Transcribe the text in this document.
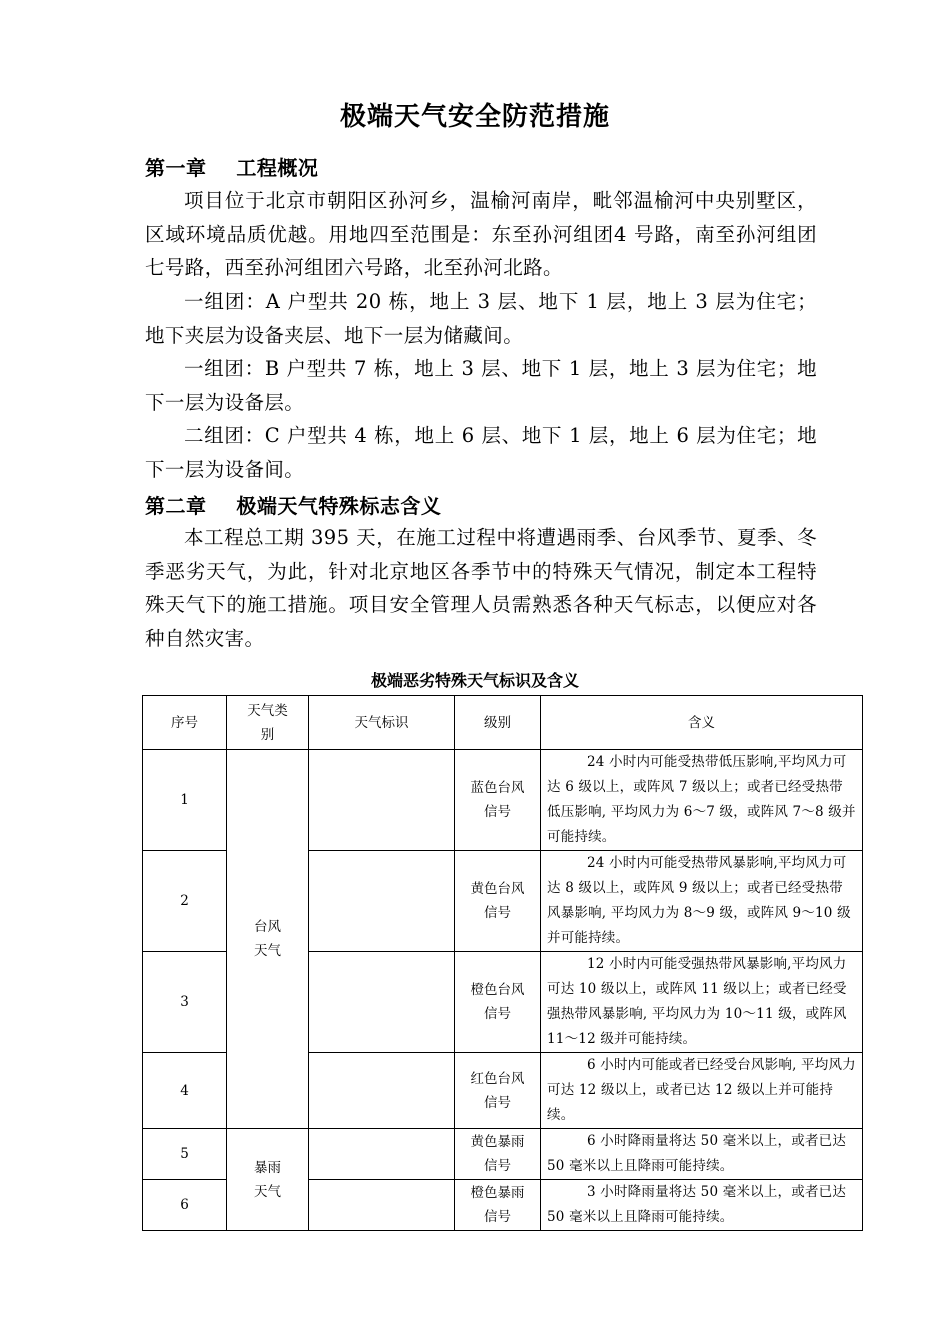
极端天气安全防范措施
第一章    工程概况
项目位于北京市朝阳区孙河乡，温榆河南岸，毗邻温榆河中央别墅区，区域环境品质优越。用地四至范围是：东至孙河组团4 号路，南至孙河组团七号路，西至孙河组团六号路，北至孙河北路。
一组团：A 户型共 20 栋，地上 3 层、地下 1 层，地上 3 层为住宅；地下夹层为设备夹层、地下一层为储藏间。
一组团：B 户型共 7 栋，地上 3 层、地下 1 层，地上 3 层为住宅；地下一层为设备层。
二组团：C 户型共 4 栋，地上 6 层、地下 1 层，地上 6 层为住宅；地下一层为设备间。
第二章    极端天气特殊标志含义
本工程总工期 395 天，在施工过程中将遭遇雨季、台风季节、夏季、冬季恶劣天气，为此，针对北京地区各季节中的特殊天气情况，制定本工程特殊天气下的施工措施。项目安全管理人员需熟悉各种天气标志，以便应对各种自然灾害。
极端恶劣特殊天气标识及含义
序号	天气类别	天气标识	级别	含义
1	台风天气		蓝色台风信号	24 小时内可能受热带低压影响,平均风力可达 6 级以上，或阵风 7 级以上；或者已经受热带低压影响, 平均风力为 6～7 级，或阵风 7～8 级并可能持续。
2			黄色台风信号	24 小时内可能受热带风暴影响,平均风力可达 8 级以上，或阵风 9 级以上；或者已经受热带风暴影响, 平均风力为 8～9 级，或阵风 9～10 级并可能持续。
3			橙色台风信号	12 小时内可能受强热带风暴影响,平均风力可达 10 级以上，或阵风 11 级以上；或者已经受强热带风暴影响, 平均风力为 10～11 级，或阵风 11～12 级并可能持续。
4			红色台风信号	6 小时内可能或者已经受台风影响, 平均风力可达 12 级以上，或者已达 12 级以上并可能持续。
5	暴雨天气		黄色暴雨信号	6 小时降雨量将达 50 毫米以上，或者已达 50 毫米以上且降雨可能持续。
6			橙色暴雨信号	3 小时降雨量将达 50 毫米以上，或者已达 50 毫米以上且降雨可能持续。
